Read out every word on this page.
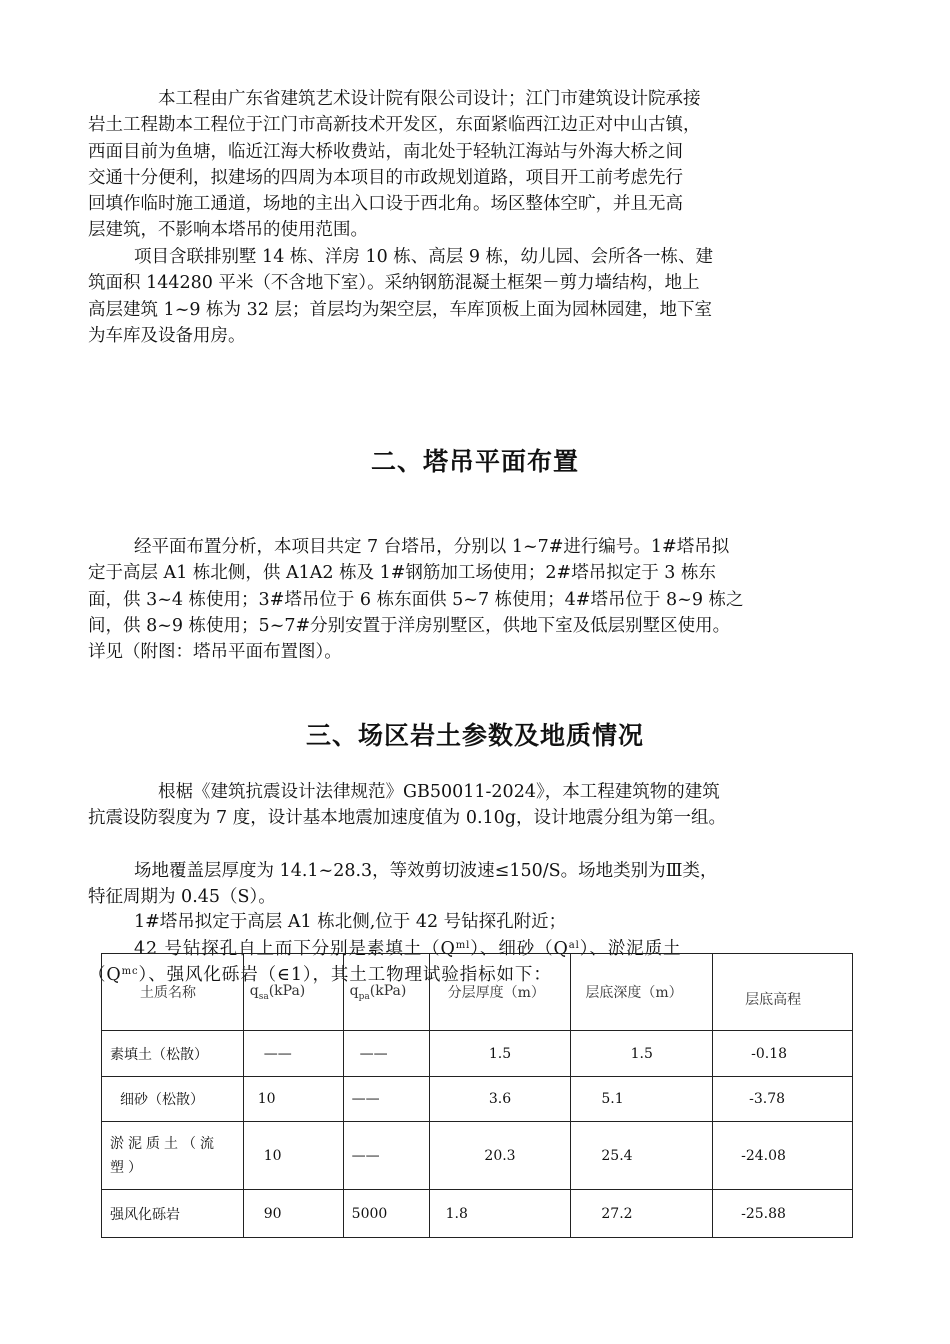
本工程由广东省建筑艺术设计院有限公司设计；江门市建筑设计院承接
岩土工程勘本工程位于江门市高新技术开发区，东面紧临西江边正对中山古镇，
西面目前为鱼塘，临近江海大桥收费站，南北处于轻轨江海站与外海大桥之间
交通十分便利，拟建场的四周为本项目的市政规划道路，项目开工前考虑先行
回填作临时施工通道，场地的主出入口设于西北角。场区整体空旷，并且无高
层建筑，不影响本塔吊的使用范围。
项目含联排别墅 14 栋、洋房 10 栋、高层 9 栋，幼儿园、会所各一栋、建
筑面积 144280 平米（不含地下室）。采纳钢筋混凝土框架－剪力墙结构，地上
高层建筑 1~9 栋为 32 层；首层均为架空层，车库顶板上面为园林园建，地下室
为车库及设备用房。
二、塔吊平面布置
经平面布置分析，本项目共定 7 台塔吊，分别以 1~7#进行编号。1#塔吊拟
定于高层 A1 栋北侧，供 A1A2 栋及 1#钢筋加工场使用；2#塔吊拟定于 3 栋东
面，供 3~4 栋使用；3#塔吊位于 6 栋东面供 5~7 栋使用；4#塔吊位于 8~9 栋之
间，供 8~9 栋使用；5~7#分别安置于洋房别墅区，供地下室及低层别墅区使用。
详见（附图：塔吊平面布置图）。
三、场区岩土参数及地质情况
根椐《建筑抗震设计法律规范》GB50011-2024》，本工程建筑物的建筑
抗震设防裂度为 7 度，设计基本地震加速度值为 0.10g，设计地震分组为第一组。
场地覆盖层厚度为 14.1~28.3，等效剪切波速≤150/S。场地类别为Ⅲ类，
特征周期为 0.45（S）。
1#塔吊拟定于高层 A1 栋北侧,位于 42 号钻探孔附近；
42 号钻探孔自上而下分别是素填土$(Q^{ml})$、细砂$(Q^{al})$、淤泥质土
$(Q^{mc})$、强风化砾岩（∈1），其土工物理试验指标如下：
土质名称	$q_{sa}(kPa)$	$q_{pa}(kPa)$	分层厚度（m）	层底深度（m）	层底高程
素填土（松散）	——	——	1.5	1.5	-0.18
细砂（松散）	10	——	3.6	5.1	-3.78
淤泥质土（流塑）	10	——	20.3	25.4	-24.08
强风化砾岩	90	5000	1.8	27.2	-25.88
